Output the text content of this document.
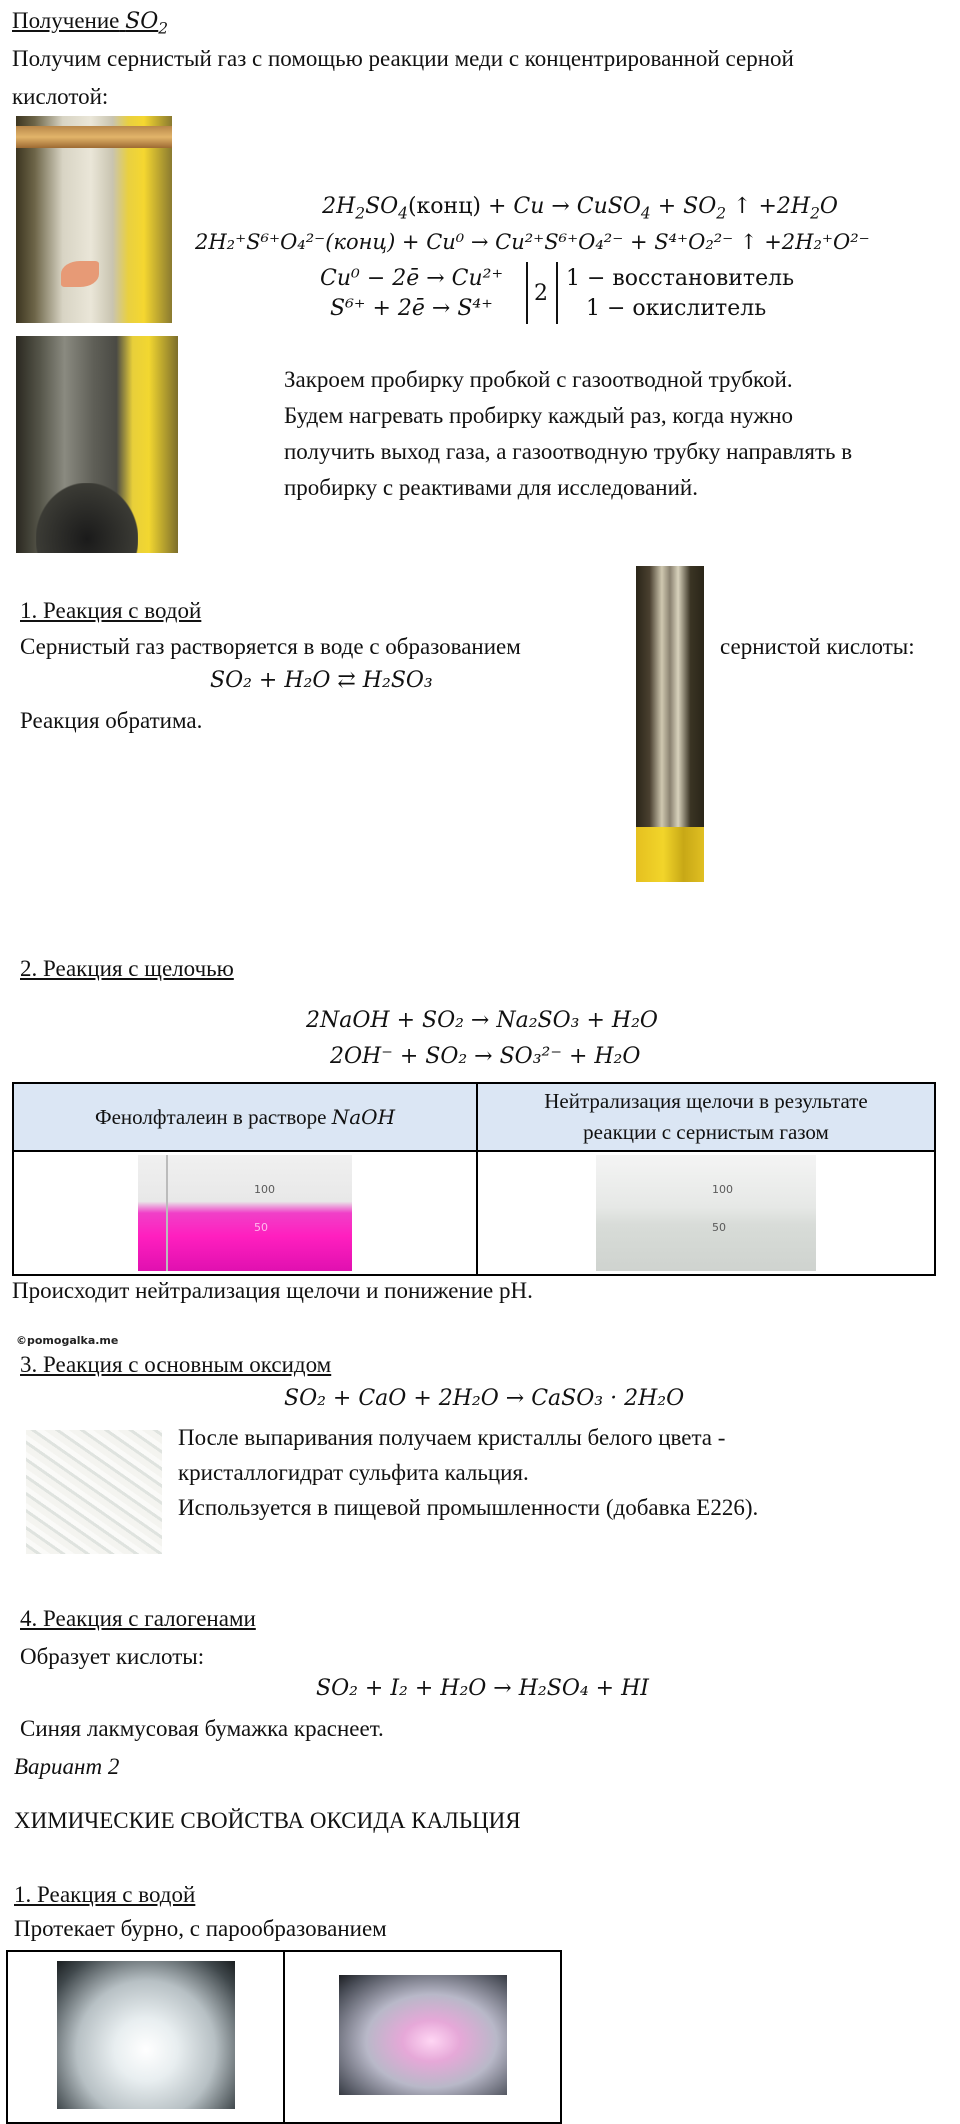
Получение $SO_2$
Получим сернистый газ с помощью реакции меди с концентрированной серной
кислотой:
$2H_2SO_4(конц) + Cu$ → CuSO$_4$ + $SO_2$ ↑ $+2H_2O$
2H₂⁺S⁶⁺O₄²⁻(конц) + Cu⁰ → Cu²⁺S⁶⁺O₄²⁻ + S⁴⁺O₂²⁻ ↑ +2H₂⁺O²⁻
Cu⁰ − 2ē → Cu²⁺
S⁶⁺ + 2ē → S⁴⁺
2
1 − восстановитель
1 − окислитель
Закроем пробирку пробкой с газоотводной трубкой.
Будем нагревать пробирку каждый раз, когда нужно
получить выход газа, а газоотводную трубку направлять в
пробирку с реактивами для исследований.
1. Реакция с водой
Сернистый газ растворяется в воде с образованием	сернистой кислоты:
SO₂ + H₂O ⇄ H₂SO₃
Реакция обратима.
2. Реакция с щелочью
2NaOH + SO₂ → Na₂SO₃ + H₂O
2OH⁻ + SO₂ → SO₃²⁻ + H₂O
Фенолфталеин в растворе NaOH	Нейтрализация щелочи в результате
реакции с сернистым газом

100
50	100
50
Происходит нейтрализация щелочи и понижение pH.
©pomogalka.me
3. Реакция с основным оксидом
SO₂ + CaO + 2H₂O → CaSO₃ · 2H₂O
После выпаривания получаем кристаллы белого цвета -
кристаллогидрат сульфита кальция.
Используется в пищевой промышленности (добавка E226).
4. Реакция с галогенами
Образует кислоты:
SO₂ + I₂ + H₂O → H₂SO₄ + HI
Синяя лакмусовая бумажка краснеет.
Вариант 2
ХИМИЧЕСКИЕ СВОЙСТВА ОКСИДА КАЛЬЦИЯ
1. Реакция с водой
Протекает бурно, с парообразованием
